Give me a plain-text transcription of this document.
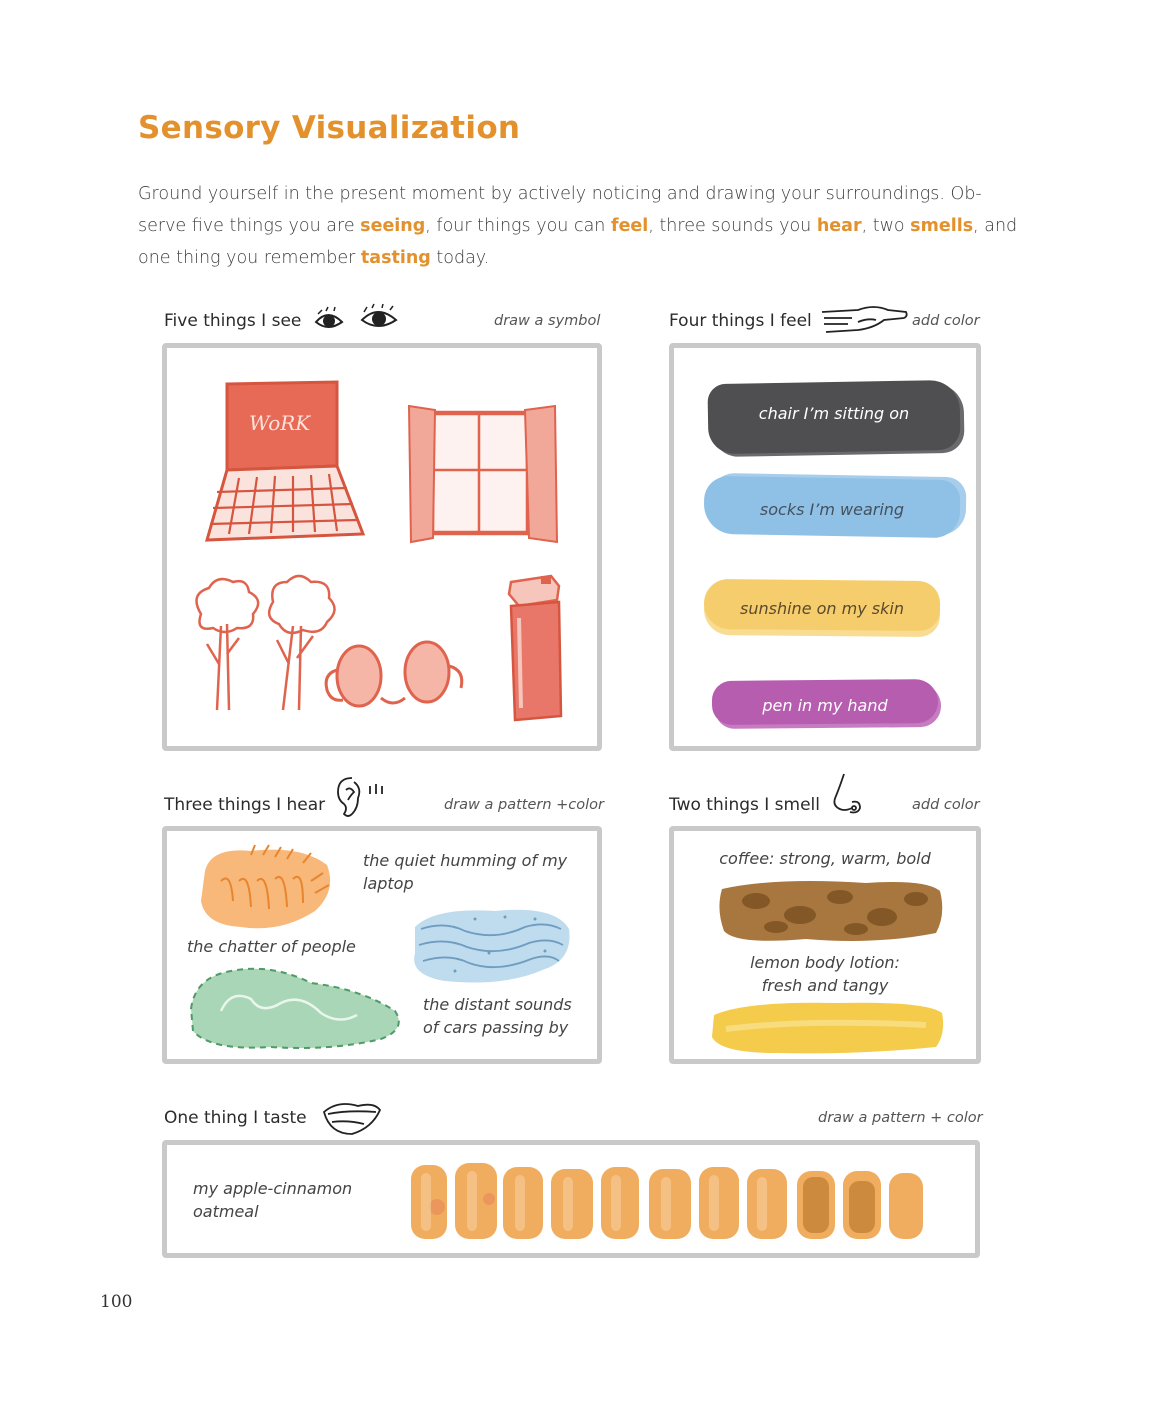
Sensory Visualization
Ground yourself in the present moment by actively noticing and drawing your surroundings. Ob-
serve five things you are seeing, four things you can feel, three sounds you hear, two smells, and
one thing you remember tasting today.
Five things I see	draw a symbol
WoRK
Four things I feel	add color
chair I’m sitting on
socks I’m wearing
sunshine on my skin
pen in my hand
Three things I hear	draw a pattern +color
the quiet humming of my
laptop
the chatter of people
the distant sounds
of cars passing by
Two things I smell	add color
coffee: strong, warm, bold
lemon body lotion:
fresh and tangy
One thing I taste	draw a pattern + color
my apple-cinnamon
oatmeal
100
